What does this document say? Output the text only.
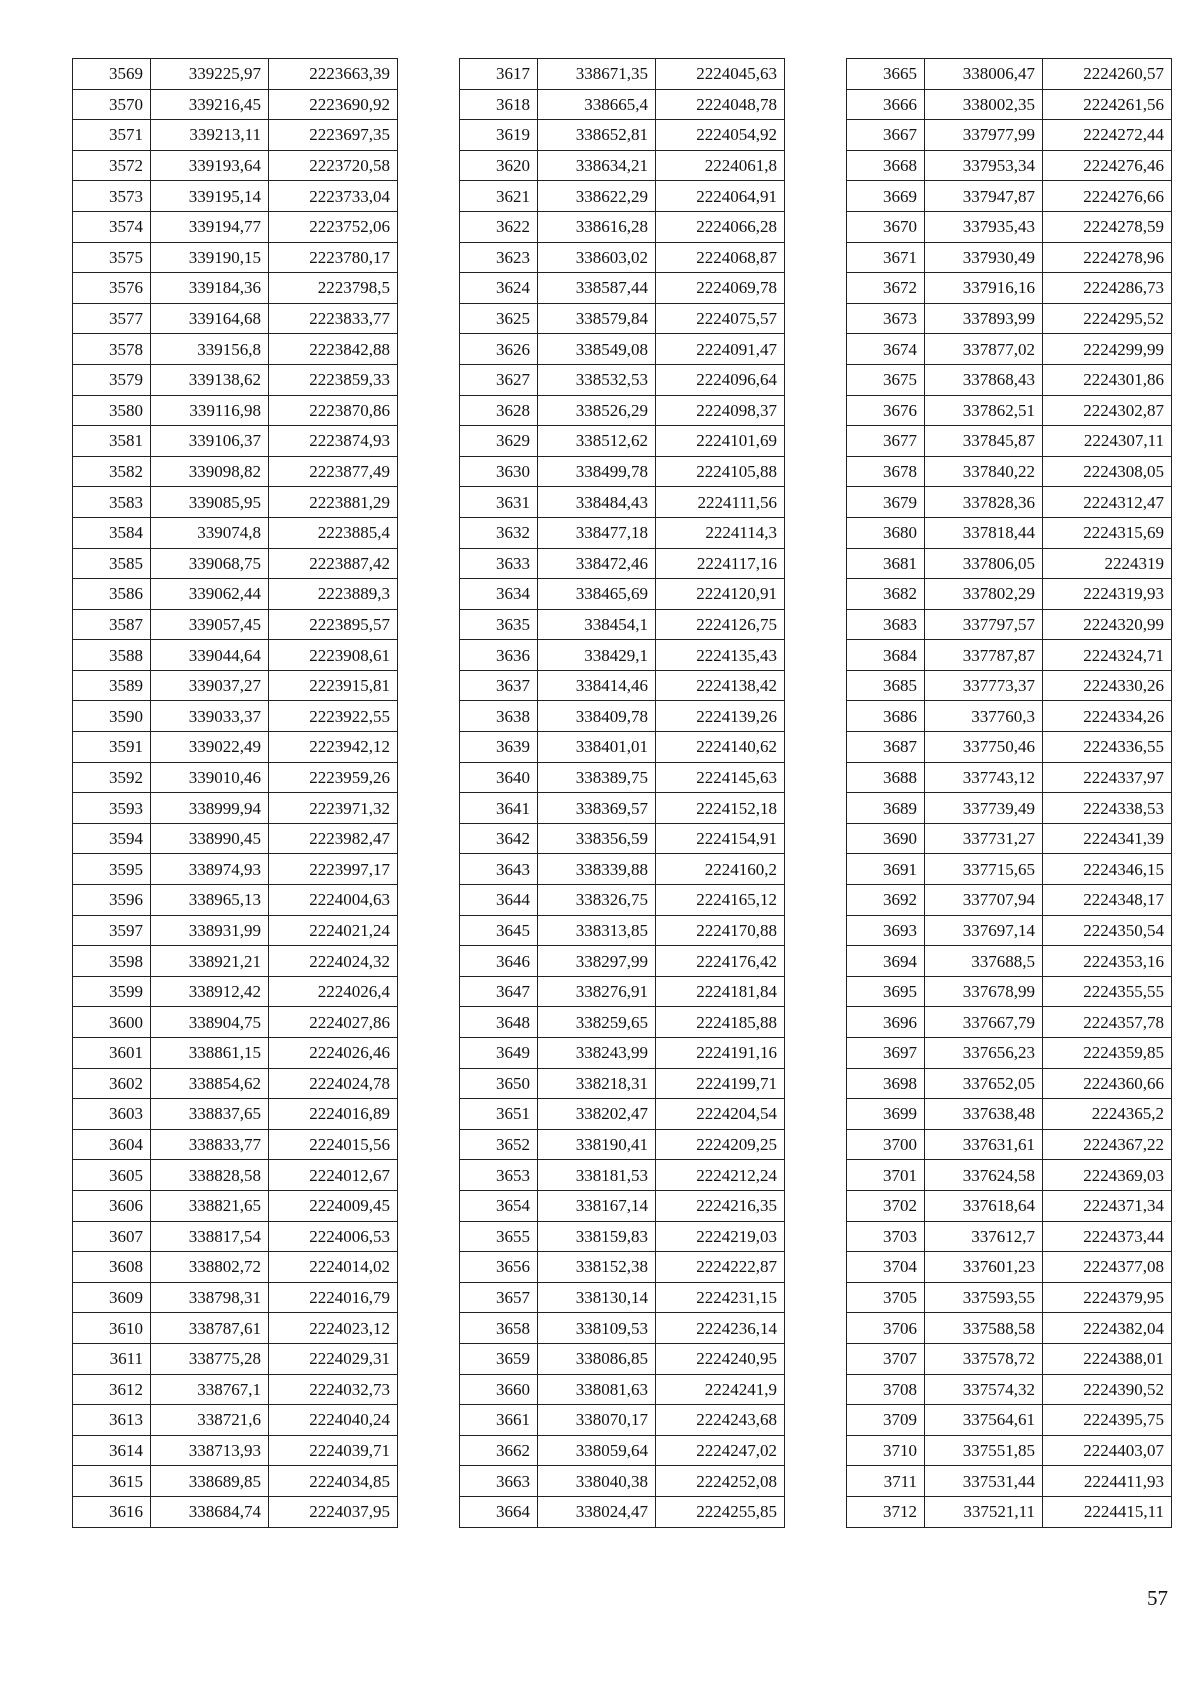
3569	339225,97	2223663,39
3570	339216,45	2223690,92
3571	339213,11	2223697,35
3572	339193,64	2223720,58
3573	339195,14	2223733,04
3574	339194,77	2223752,06
3575	339190,15	2223780,17
3576	339184,36	2223798,5
3577	339164,68	2223833,77
3578	339156,8	2223842,88
3579	339138,62	2223859,33
3580	339116,98	2223870,86
3581	339106,37	2223874,93
3582	339098,82	2223877,49
3583	339085,95	2223881,29
3584	339074,8	2223885,4
3585	339068,75	2223887,42
3586	339062,44	2223889,3
3587	339057,45	2223895,57
3588	339044,64	2223908,61
3589	339037,27	2223915,81
3590	339033,37	2223922,55
3591	339022,49	2223942,12
3592	339010,46	2223959,26
3593	338999,94	2223971,32
3594	338990,45	2223982,47
3595	338974,93	2223997,17
3596	338965,13	2224004,63
3597	338931,99	2224021,24
3598	338921,21	2224024,32
3599	338912,42	2224026,4
3600	338904,75	2224027,86
3601	338861,15	2224026,46
3602	338854,62	2224024,78
3603	338837,65	2224016,89
3604	338833,77	2224015,56
3605	338828,58	2224012,67
3606	338821,65	2224009,45
3607	338817,54	2224006,53
3608	338802,72	2224014,02
3609	338798,31	2224016,79
3610	338787,61	2224023,12
3611	338775,28	2224029,31
3612	338767,1	2224032,73
3613	338721,6	2224040,24
3614	338713,93	2224039,71
3615	338689,85	2224034,85
3616	338684,74	2224037,95
3617	338671,35	2224045,63
3618	338665,4	2224048,78
3619	338652,81	2224054,92
3620	338634,21	2224061,8
3621	338622,29	2224064,91
3622	338616,28	2224066,28
3623	338603,02	2224068,87
3624	338587,44	2224069,78
3625	338579,84	2224075,57
3626	338549,08	2224091,47
3627	338532,53	2224096,64
3628	338526,29	2224098,37
3629	338512,62	2224101,69
3630	338499,78	2224105,88
3631	338484,43	2224111,56
3632	338477,18	2224114,3
3633	338472,46	2224117,16
3634	338465,69	2224120,91
3635	338454,1	2224126,75
3636	338429,1	2224135,43
3637	338414,46	2224138,42
3638	338409,78	2224139,26
3639	338401,01	2224140,62
3640	338389,75	2224145,63
3641	338369,57	2224152,18
3642	338356,59	2224154,91
3643	338339,88	2224160,2
3644	338326,75	2224165,12
3645	338313,85	2224170,88
3646	338297,99	2224176,42
3647	338276,91	2224181,84
3648	338259,65	2224185,88
3649	338243,99	2224191,16
3650	338218,31	2224199,71
3651	338202,47	2224204,54
3652	338190,41	2224209,25
3653	338181,53	2224212,24
3654	338167,14	2224216,35
3655	338159,83	2224219,03
3656	338152,38	2224222,87
3657	338130,14	2224231,15
3658	338109,53	2224236,14
3659	338086,85	2224240,95
3660	338081,63	2224241,9
3661	338070,17	2224243,68
3662	338059,64	2224247,02
3663	338040,38	2224252,08
3664	338024,47	2224255,85
3665	338006,47	2224260,57
3666	338002,35	2224261,56
3667	337977,99	2224272,44
3668	337953,34	2224276,46
3669	337947,87	2224276,66
3670	337935,43	2224278,59
3671	337930,49	2224278,96
3672	337916,16	2224286,73
3673	337893,99	2224295,52
3674	337877,02	2224299,99
3675	337868,43	2224301,86
3676	337862,51	2224302,87
3677	337845,87	2224307,11
3678	337840,22	2224308,05
3679	337828,36	2224312,47
3680	337818,44	2224315,69
3681	337806,05	2224319
3682	337802,29	2224319,93
3683	337797,57	2224320,99
3684	337787,87	2224324,71
3685	337773,37	2224330,26
3686	337760,3	2224334,26
3687	337750,46	2224336,55
3688	337743,12	2224337,97
3689	337739,49	2224338,53
3690	337731,27	2224341,39
3691	337715,65	2224346,15
3692	337707,94	2224348,17
3693	337697,14	2224350,54
3694	337688,5	2224353,16
3695	337678,99	2224355,55
3696	337667,79	2224357,78
3697	337656,23	2224359,85
3698	337652,05	2224360,66
3699	337638,48	2224365,2
3700	337631,61	2224367,22
3701	337624,58	2224369,03
3702	337618,64	2224371,34
3703	337612,7	2224373,44
3704	337601,23	2224377,08
3705	337593,55	2224379,95
3706	337588,58	2224382,04
3707	337578,72	2224388,01
3708	337574,32	2224390,52
3709	337564,61	2224395,75
3710	337551,85	2224403,07
3711	337531,44	2224411,93
3712	337521,11	2224415,11
57
